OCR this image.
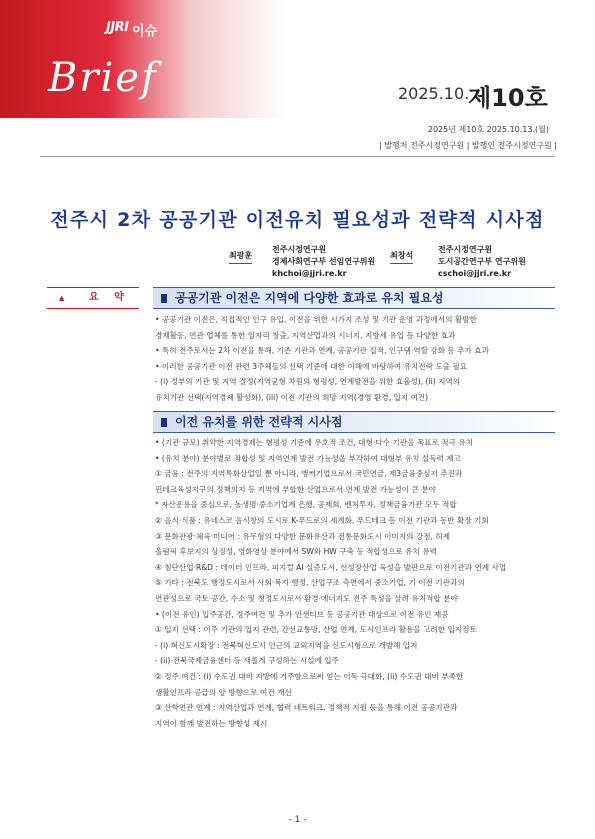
JJRI 이슈
Brief	2025.10.
제10호
2025년 제10호 2025.10.13.(월)
| 발행처 전주시정연구원 | 발행인 전주시정연구원 |
전주시 2차 공공기관 이전유치 필요성과 전략적 시사점
최광훈
전주시정연구원
경제사회연구부 선임연구위원
khchoi@jjri.re.kr
최창석
전주시정연구원
도시공간연구부 연구위원
cschoi@jjri.re.kr
▲ 요 약	공공기관 이전은 지역에 다양한 효과로 유치 필요성

• 공공기관 이전은, 직접적인 인구 유입, 이전을 위한 시가지 조성 및 기관 운영 과정에서의 활발한

경제활동, 연관 업체를 통한 일자리 창출, 지역산업과의 시너지, 지방세 유입 등 다양한 효과

• 특히 전주로서는 2차 이전을 통해, 기존 기관과 연계, 공공기관 집적, 인구댐 역할 강화 등 추가 효과

• 이러한 공공기관 이전 관련 3주체들의 선택 기준에 대한 이해에 바탕하여 유치전략 도출 필요

- (i) 정부의 기관 및 지역 결정(지역균형 차원의 형평성, 연계발전을 위한 효율성), (ii) 지역의

유치기관 선택(지역경제 활성화), (iii) 이전 기관의 희망 지역(경영 환경, 입지 여건)

이전 유치를 위한 전략적 시사점

• (기관 규모) 취약한 지역경제는 형평성 기준에 우호적 조건, 대형·다수 기관을 목표로 적극 유치

• (유치 분야) 분야별로 적합성 및 지역연계 발전 가능성을 부각하여 대형부 유치 설득력 제고

① 금융 : 전주의 지역특화산업일 뿐 아니라, 앵커기업으로서 국민연금, 제3금융중심지 추진과

핀테크육성지구의 정책의지 등 지역에 부합한 산업으로서 연계 발전 가능성이 큰 분야

* 자산운용을 중심으로, 농생명·중소기업계 은행, 공제회, 벤처투자, 정책금융기관 모두 적합

② 음식·식품 : 유네스코 음식창의 도시로 K-푸드로의 세계화, 푸드테크 등 이전 기관과 동반 확장 기회

③ 문화관광·체육·미디어 : 유무형의 다양한 문화유산과 전통문화도시 이미지의 강점, 허제

올림픽 후보지의 상징성, 영화영상 분야에서 SW와 HW 구축 등 적합성으로 유치 유력

④ 첨단산업·R&D : 데이터 인프라, 피지컬 AI 실증도시, 신성장산업 육성을 발판으로 이전기관과 연계 사업

⑤ 기타 : 전북도 행정도시로서 사회·복지·행정, 산업구조 측면에서 중소기업, 기 이전 기관과의

연관성으로 국토·공간, 수소 및 청정도시로서 환경·에너지도 전주 특성을 살려 유치적합 분야

• (이전 유인) 입주공간, 정주여건 및 추가 인센티브 등 공공기관 대상으로 이전 유인 제공

① 입지 선택 : 이주 기관의 입지 관련, 간선교통망, 산업 연계, 도시인프라 활용을 고려한 입지검토

- (i) 혁신도시확장 : 전북혁신도시 인근의 교외지역을 신도시형으로 개발해 입지

- (ii) 전북국제금융센터 등 새롭게 구성하는 시설에 입주

② 정주 여건 : (i) 수도권 대비 지방에 거주함으로써 얻는 이득 극대화, (ii) 수도권 대비 부족한

생활인프라 공급의 양 방향으로 여건 개선

③ 산학연관 연계 : 지역산업과 연계, 협력 네트워크, 정책적 지원 등을 통해 이전 공공기관과

지역이 함께 발전하는 방향성 제시

- 1 -
